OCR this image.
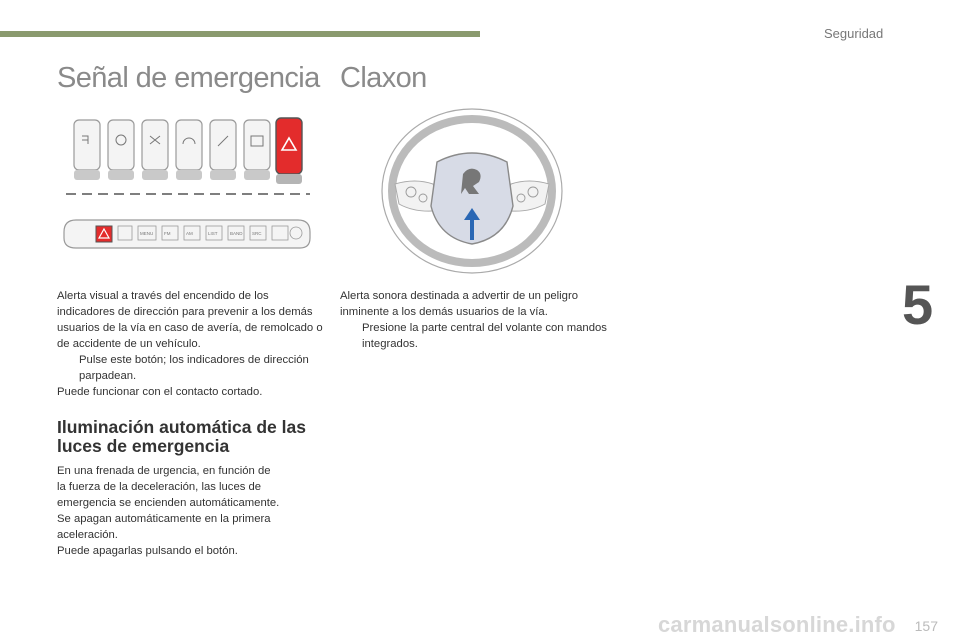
Seguridad
5
Señal de emergencia Claxon
MENU FM	AM	LIST	BAND SRC

Alerta visual a través del encendido de los indicadores de dirección para prevenir a los demás usuarios de la vía en caso de avería, de remolcado o de accidente de un vehículo.

Pulse este botón; los indicadores de dirección parpadean.

Puede funcionar con el contacto cortado.

Iluminación automática de las luces de emergencia

En una frenada de urgencia, en función de

la fuerza de la deceleración, las luces de

emergencia se encienden automáticamente.

Se apagan automáticamente en la primera

aceleración.

Puede apagarlas pulsando el botón.

Alerta sonora destinada a advertir de un peligro inminente a los demás usuarios de la vía.

Presione la parte central del volante con mandos integrados.
carmanualsonline.info 157
